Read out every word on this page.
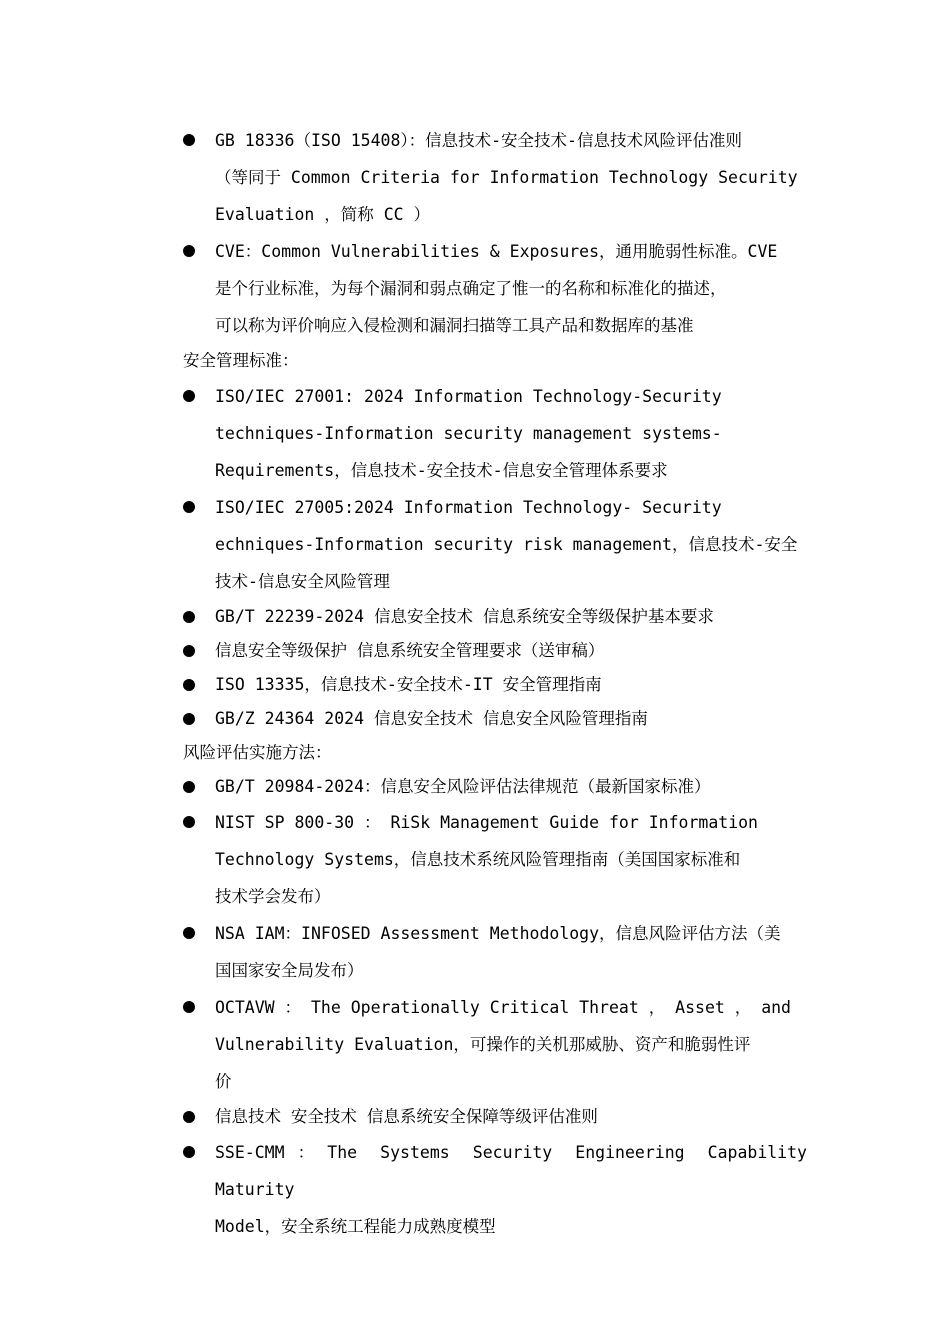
GB 18336（ISO 15408）：信息技术-安全技术-信息技术风险评估准则

（等同于 Common Criteria for Information Technology Security

Evaluation ，简称 CC ）

CVE：Common Vulnerabilities & Exposures，通用脆弱性标准。CVE

是个行业标准，为每个漏洞和弱点确定了惟一的名称和标准化的描述，

可以称为评价响应入侵检测和漏洞扫描等工具产品和数据库的基准

安全管理标准：

ISO/IEC 27001: 2024 Information Technology-Security

techniques-Information security management systems-

Requirements，信息技术-安全技术-信息安全管理体系要求

ISO/IEC 27005:2024 Information Technology- Security

echniques-Information security risk management，信息技术-安全

技术-信息安全风险管理

GB/T 22239-2024 信息安全技术 信息系统安全等级保护基本要求

信息安全等级保护 信息系统安全管理要求（送审稿）

ISO 13335，信息技术-安全技术-IT 安全管理指南

GB/Z 24364 2024 信息安全技术 信息安全风险管理指南

风险评估实施方法：

GB/T 20984-2024：信息安全风险评估法律规范（最新国家标准）

NIST SP 800-30 ： RiSk Management Guide for Information

Technology Systems，信息技术系统风险管理指南（美国国家标准和

技术学会发布）

NSA IAM：INFOSED Assessment Methodology，信息风险评估方法（美

国国家安全局发布）

OCTAVW ： The Operationally Critical Threat ， Asset ， and

Vulnerability Evaluation，可操作的关机那威胁、资产和脆弱性评

价

信息技术 安全技术 信息系统安全保障等级评估准则

SSE-CMM：The Systems Security Engineering Capability Maturity

Model，安全系统工程能力成熟度模型
